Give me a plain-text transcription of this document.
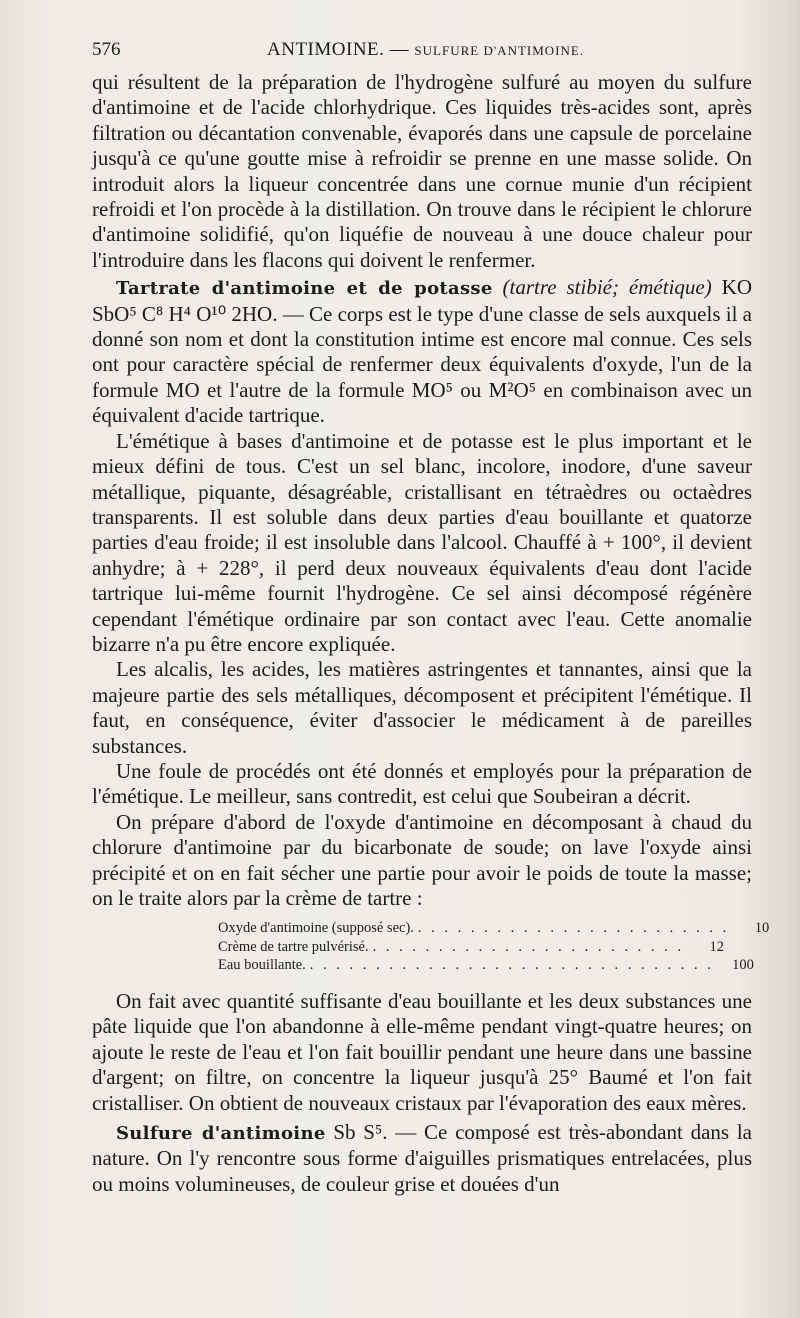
576	ANTIMOINE. — SULFURE D'ANTIMOINE.

qui résultent de la préparation de l'hydrogène sulfuré au moyen du sulfure d'antimoine et de l'acide chlorhydrique. Ces liquides très-acides sont, après filtration ou décantation convenable, évaporés dans une capsule de porcelaine jusqu'à ce qu'une goutte mise à refroidir se prenne en une masse solide. On introduit alors la liqueur concentrée dans une cornue munie d'un récipient refroidi et l'on procède à la distillation. On trouve dans le récipient le chlorure d'antimoine solidifié, qu'on liquéfie de nouveau à une douce chaleur pour l'introduire dans les flacons qui doivent le renfermer.

Tartrate d'antimoine et de potasse (tartre stibié; émétique) KO SbO⁵ C⁸ H⁴ O¹⁰ 2HO. — Ce corps est le type d'une classe de sels auxquels il a donné son nom et dont la constitution intime est encore mal connue. Ces sels ont pour caractère spécial de renfermer deux équivalents d'oxyde, l'un de la formule MO et l'autre de la formule MO⁵ ou M²O⁵ en combinaison avec un équivalent d'acide tartrique.

L'émétique à bases d'antimoine et de potasse est le plus important et le mieux défini de tous. C'est un sel blanc, incolore, inodore, d'une saveur métallique, piquante, désagréable, cristallisant en tétraèdres ou octaèdres transparents. Il est soluble dans deux parties d'eau bouillante et quatorze parties d'eau froide; il est insoluble dans l'alcool. Chauffé à + 100°, il devient anhydre; à + 228°, il perd deux nouveaux équivalents d'eau dont l'acide tartrique lui-même fournit l'hydrogène. Ce sel ainsi décomposé régénère cependant l'émétique ordinaire par son contact avec l'eau. Cette anomalie bizarre n'a pu être encore expliquée.

Les alcalis, les acides, les matières astringentes et tannantes, ainsi que la majeure partie des sels métalliques, décomposent et précipitent l'émétique. Il faut, en conséquence, éviter d'associer le médicament à de pareilles substances.

Une foule de procédés ont été donnés et employés pour la préparation de l'émétique. Le meilleur, sans contredit, est celui que Soubeiran a décrit.

On prépare d'abord de l'oxyde d'antimoine en décomposant à chaud du chlorure d'antimoine par du bicarbonate de soude; on lave l'oxyde ainsi précipité et on en fait sécher une partie pour avoir le poids de toute la masse; on le traite alors par la crème de tartre :

Oxyde d'antimoine (supposé sec). . . . . . . . . . . . . . . . . . . . . . . . .	10
Crème de tartre pulvérisé. . . . . . . . . . . . . . . . . . . . . . . . .	12
Eau bouillante. . . . . . . . . . . . . . . . . . . . . . . . . . . . . . . .	100

On fait avec quantité suffisante d'eau bouillante et les deux substances une pâte liquide que l'on abandonne à elle-même pendant vingt-quatre heures; on ajoute le reste de l'eau et l'on fait bouillir pendant une heure dans une bassine d'argent; on filtre, on concentre la liqueur jusqu'à 25° Baumé et l'on fait cristalliser. On obtient de nouveaux cristaux par l'évaporation des eaux mères.

Sulfure d'antimoine Sb S⁵. — Ce composé est très-abondant dans la nature. On l'y rencontre sous forme d'aiguilles prismatiques entrelacées, plus ou moins volumineuses, de couleur grise et douées d'un
